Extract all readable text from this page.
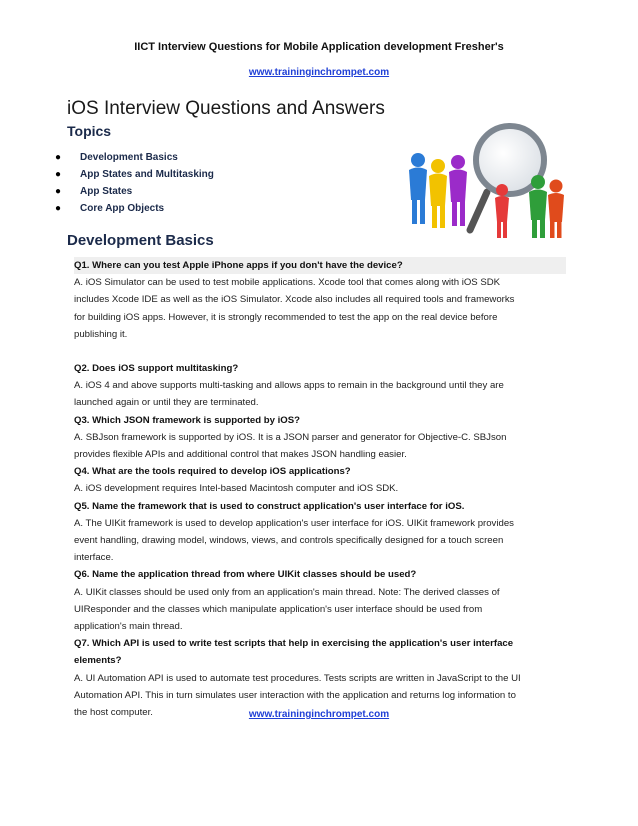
IICT Interview Questions for Mobile Application development Fresher's
www.traininginchrompet.com
iOS Interview Questions and Answers
Topics
● Development Basics
● App States and Multitasking
● App States
● Core App Objects
Development Basics
Q1. Where can you test Apple iPhone apps if you don't have the device?
A. iOS Simulator can be used to test mobile applications. Xcode tool that comes along with iOS SDK
includes Xcode IDE as well as the iOS Simulator. Xcode also includes all required tools and frameworks
for building iOS apps. However, it is strongly recommended to test the app on the real device before
publishing it.
Q2. Does iOS support multitasking?
A. iOS 4 and above supports multi-tasking and allows apps to remain in the background until they are
launched again or until they are terminated.
Q3. Which JSON framework is supported by iOS?
A. SBJson framework is supported by iOS. It is a JSON parser and generator for Objective-C. SBJson
provides flexible APIs and additional control that makes JSON handling easier.
Q4. What are the tools required to develop iOS applications?
A. iOS development requires Intel-based Macintosh computer and iOS SDK.
Q5. Name the framework that is used to construct application's user interface for iOS.
A. The UIKit framework is used to develop application's user interface for iOS. UIKit framework provides
event handling, drawing model, windows, views, and controls specifically designed for a touch screen
interface.
Q6. Name the application thread from where UIKit classes should be used?
A. UIKit classes should be used only from an application's main thread. Note: The derived classes of
UIResponder and the classes which manipulate application's user interface should be used from
application's main thread.
Q7. Which API is used to write test scripts that help in exercising the application's user interface
elements?
A. UI Automation API is used to automate test procedures. Tests scripts are written in JavaScript to the UI
Automation API. This in turn simulates user interaction with the application and returns log information to
the host computer.	www.traininginchrompet.com
